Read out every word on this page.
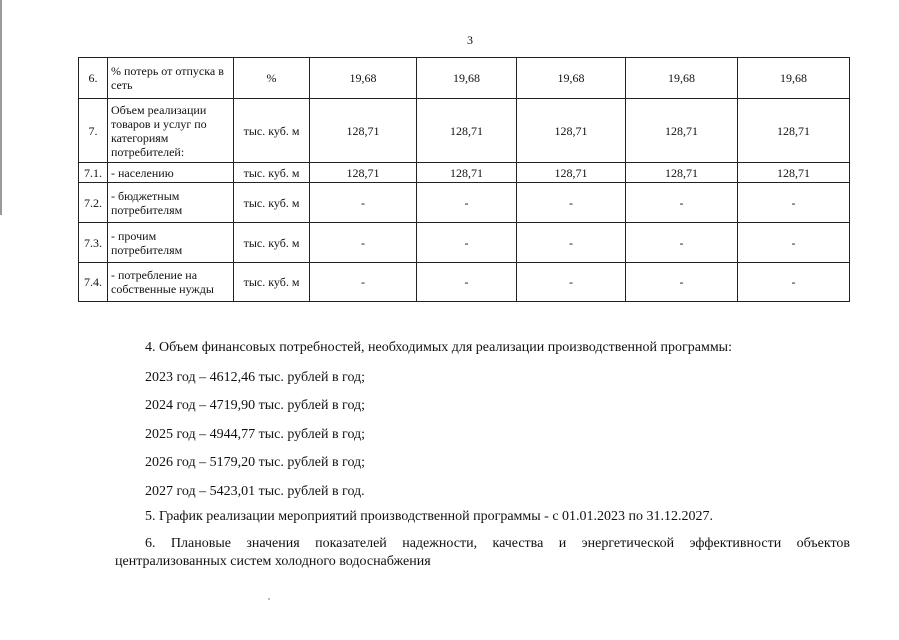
3
6.	% потерь от отпуска в сеть	%	19,68	19,68	19,68	19,68	19,68
7.	Объем реализации товаров и услуг по категориям потребителей:	тыс. куб. м	128,71	128,71	128,71	128,71	128,71
7.1.	- населению	тыс. куб. м	128,71	128,71	128,71	128,71	128,71
7.2.	- бюджетным потребителям	тыс. куб. м	-	-	-	-	-
7.3.	- прочим потребителям	тыс. куб. м	-	-	-	-	-
7.4.	- потребление на собственные нужды	тыс. куб. м	-	-	-	-	-
4. Объем финансовых потребностей, необходимых для реализации производственной программы:
2023 год – 4612,46 тыс. рублей в год;
2024 год – 4719,90 тыс. рублей в год;
2025 год – 4944,77 тыс. рублей в год;
2026 год – 5179,20 тыс. рублей в год;
2027 год – 5423,01 тыс. рублей в год.
5. График реализации мероприятий производственной программы - с 01.01.2023 по 31.12.2027.
6. Плановые значения показателей надежности, качества и энергетической эффективности объектов централизованных систем холодного водоснабжения
